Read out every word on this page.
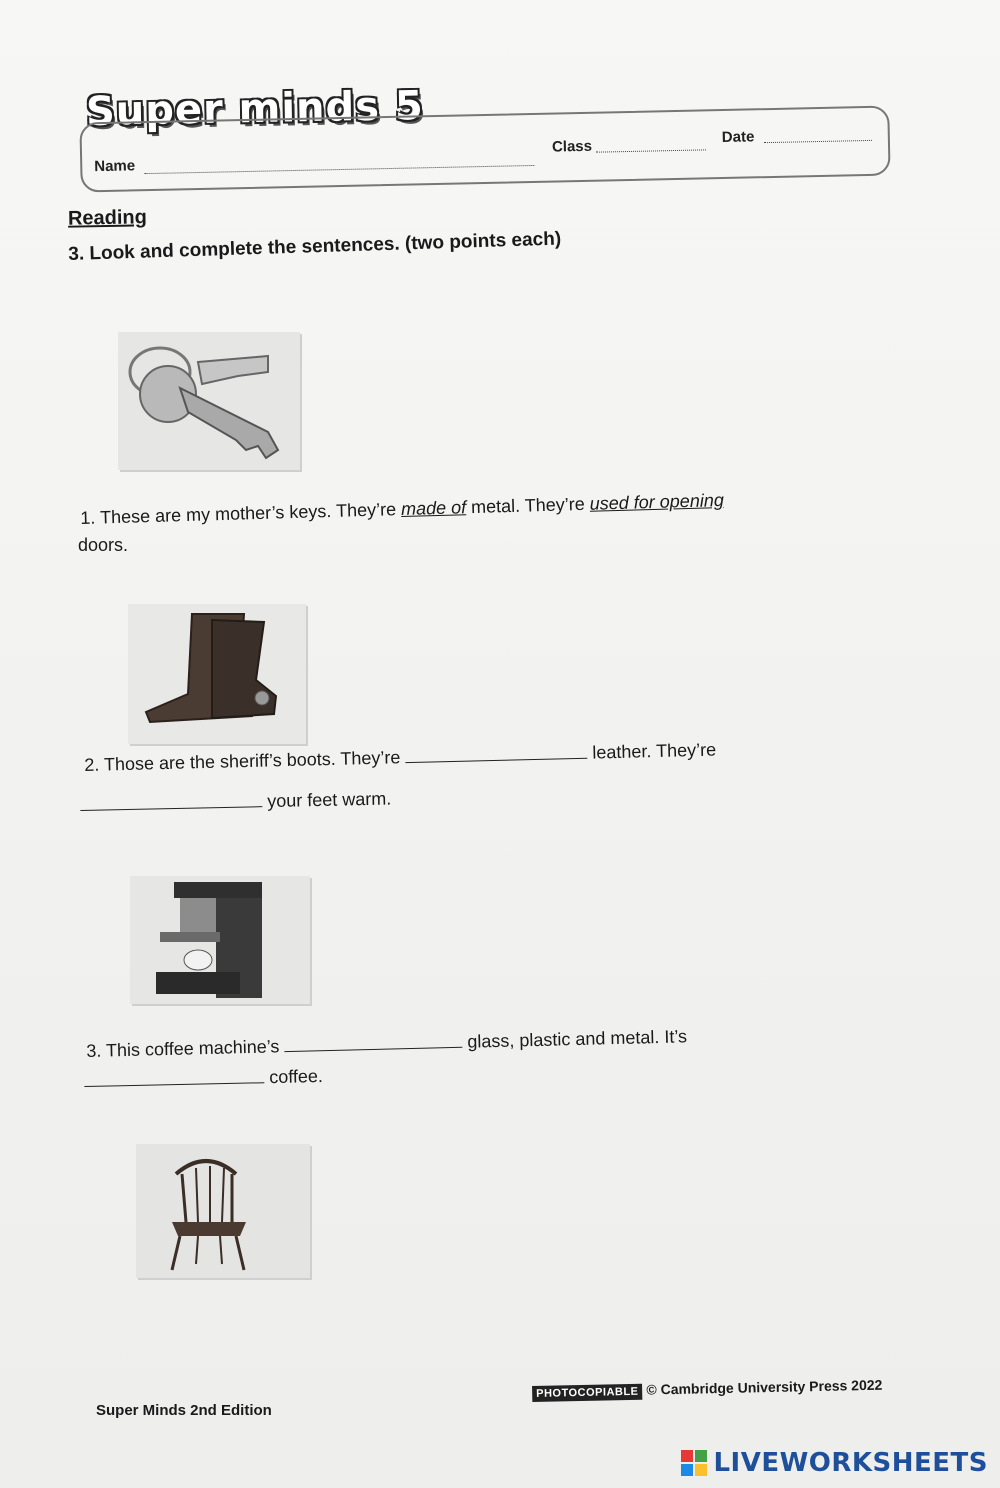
Super minds 5
Name
Class
Date
Reading
3. Look and complete the sentences. (two points each)
1. These are my mother’s keys. They’re made of metal. They’re used for opening
doors.
2. Those are the sheriff’s boots. They’re	leather. They’re
your feet warm.
3. This coffee machine’s	glass, plastic and metal. It’s
coffee.
Super Minds 2nd Edition
PHOTOCOPIABLE © Cambridge University Press 2022
LIVEWORKSHEETS
